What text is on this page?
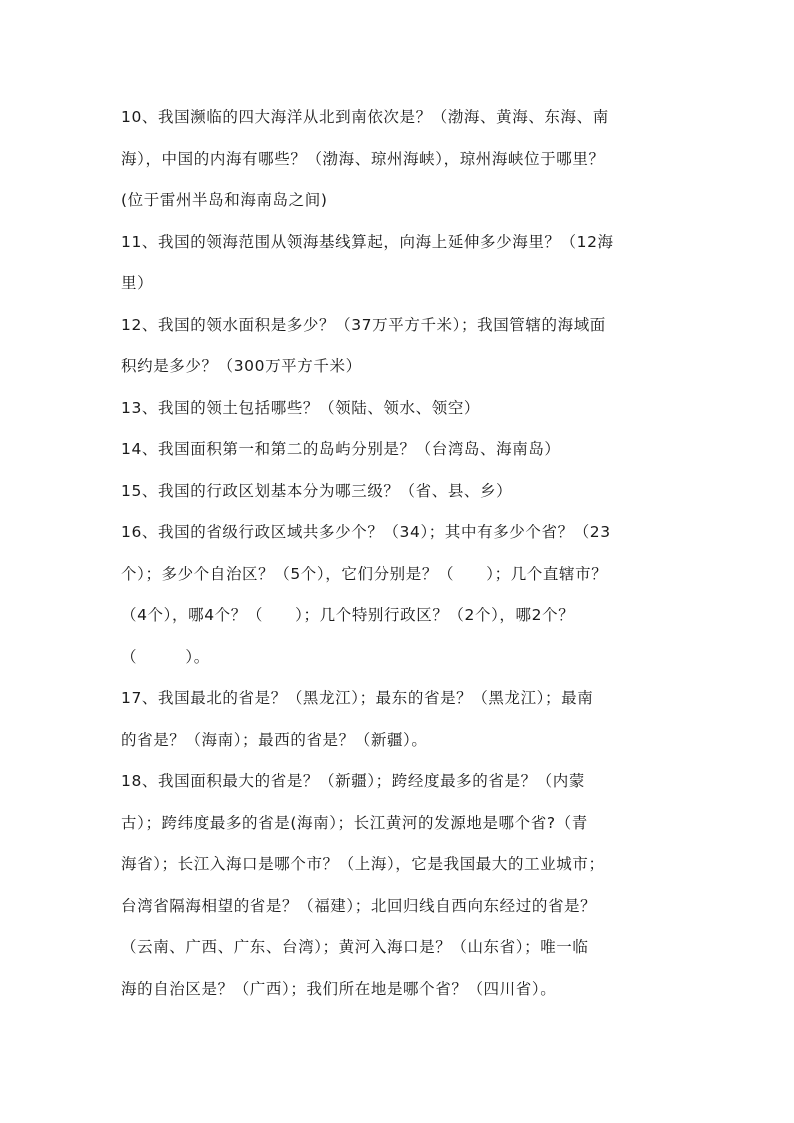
10、我国濒临的四大海洋从北到南依次是？（渤海、黄海、东海、南
海），中国的内海有哪些？（渤海、琼州海峡），琼州海峡位于哪里？
(位于雷州半岛和海南岛之间)
11、我国的领海范围从领海基线算起，向海上延伸多少海里？（12海
里）
12、我国的领水面积是多少？（37万平方千米）；我国管辖的海域面
积约是多少？（300万平方千米）
13、我国的领土包括哪些？（领陆、领水、领空）
14、我国面积第一和第二的岛屿分别是？（台湾岛、海南岛）
15、我国的行政区划基本分为哪三级？（省、县、乡）
16、我国的省级行政区域共多少个？（34）；其中有多少个省？（23
个）；多少个自治区？（5个），它们分别是？（　　）；几个直辖市？
（4个），哪4个？（　　）；几个特别行政区？（2个），哪2个？
（　　　）。
17、我国最北的省是？（黑龙江）；最东的省是？（黑龙江）；最南
的省是？（海南）；最西的省是？（新疆）。
18、我国面积最大的省是？（新疆）；跨经度最多的省是？（内蒙
古）；跨纬度最多的省是(海南）；长江黄河的发源地是哪个省?（青
海省）；长江入海口是哪个市？（上海），它是我国最大的工业城市；
台湾省隔海相望的省是？（福建）；北回归线自西向东经过的省是？
（云南、广西、广东、台湾）；黄河入海口是？（山东省）；唯一临
海的自治区是？（广西）；我们所在地是哪个省？（四川省）。
